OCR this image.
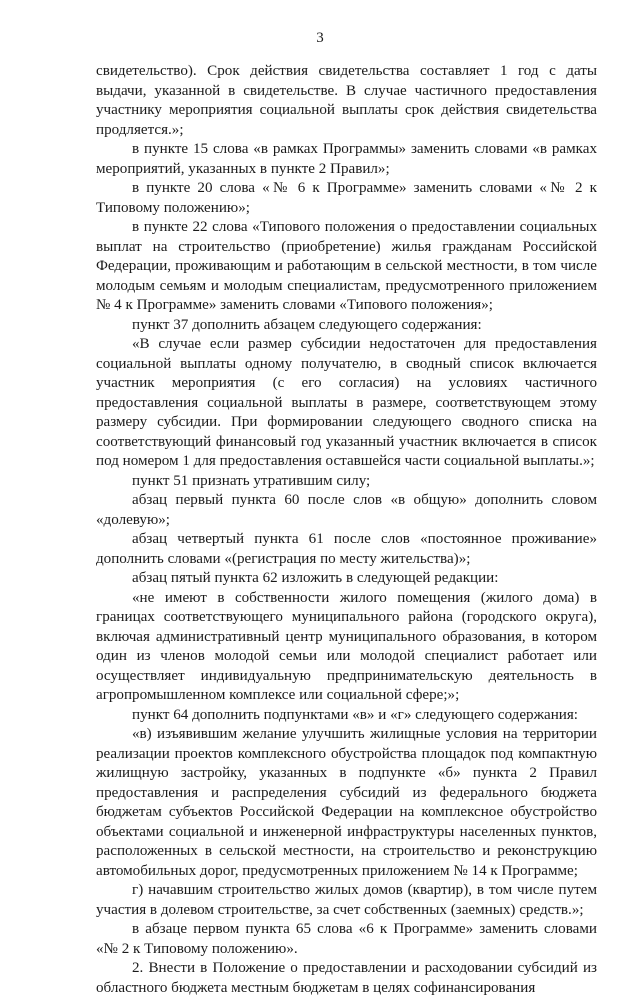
3

свидетельство). Срок действия свидетельства составляет 1 год с даты выдачи, указанной в свидетельстве. В случае частичного предоставления участнику мероприятия социальной выплаты срок действия свидетельства продляется.»;

в пункте 15 слова «в рамках Программы» заменить словами «в рамках мероприятий, указанных в пункте 2 Правил»;

в пункте 20 слова «№ 6 к Программе» заменить словами «№ 2 к Типовому положению»;

в пункте 22 слова «Типового положения о предоставлении социальных выплат на строительство (приобретение) жилья гражданам Российской Федерации, проживающим и работающим в сельской местности, в том числе молодым семьям и молодым специалистам, предусмотренного приложением № 4 к Программе» заменить словами «Типового положения»;

пункт 37 дополнить абзацем следующего содержания:

«В случае если размер субсидии недостаточен для предоставления социальной выплаты одному получателю, в сводный список включается участник мероприятия (с его согласия) на условиях частичного предоставления социальной выплаты в размере, соответствующем этому размеру субсидии. При формировании следующего сводного списка на соответствующий финансовый год указанный участник включается в список под номером 1 для предоставления оставшейся части социальной выплаты.»;

пункт 51 признать утратившим силу;

абзац первый пункта 60 после слов «в общую» дополнить словом «долевую»;

абзац четвертый пункта 61 после слов «постоянное проживание» дополнить словами «(регистрация по месту жительства)»;

абзац пятый пункта 62 изложить в следующей редакции:

«не имеют в собственности жилого помещения (жилого дома) в границах соответствующего муниципального района (городского округа), включая административный центр муниципального образования, в котором один из членов молодой семьи или молодой специалист работает или осуществляет индивидуальную предпринимательскую деятельность в агропромышленном комплексе или социальной сфере;»;

пункт 64 дополнить подпунктами «в» и «г» следующего содержания:

«в) изъявившим желание улучшить жилищные условия на территории реализации проектов комплексного обустройства площадок под компактную жилищную застройку, указанных в подпункте «б» пункта 2 Правил предоставления и распределения субсидий из федерального бюджета бюджетам субъектов Российской Федерации на комплексное обустройство объектами социальной и инженерной инфраструктуры населенных пунктов, расположенных в сельской местности, на строительство и реконструкцию автомобильных дорог, предусмотренных приложением № 14 к Программе;

г) начавшим строительство жилых домов (квартир), в том числе путем участия в долевом строительстве, за счет собственных (заемных) средств.»;

в абзаце первом пункта 65 слова «6 к Программе» заменить словами «№ 2 к Типовому положению».

2. Внести в Положение о предоставлении и расходовании субсидий из областного бюджета местным бюджетам в целях софинансирования
